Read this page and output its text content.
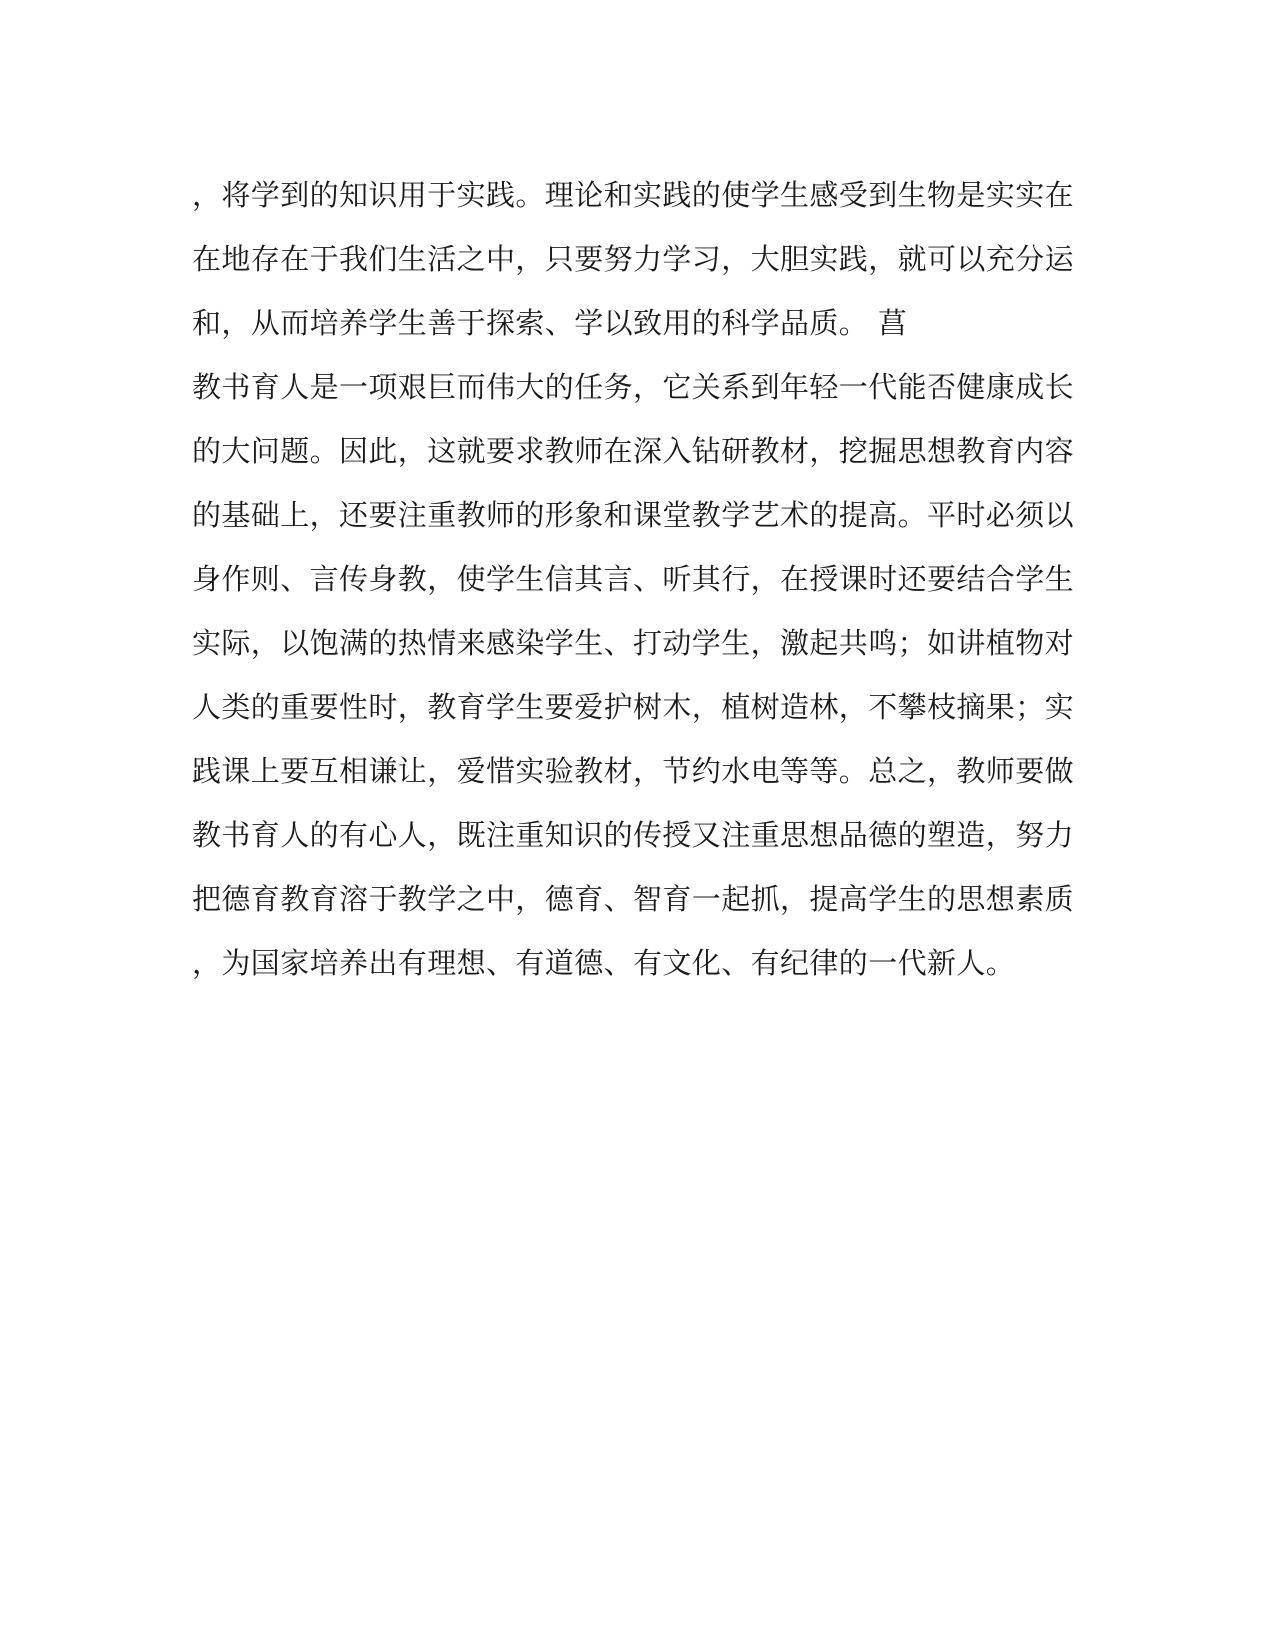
，将学到的知识用于实践。理论和实践的使学生感受到生物是实实在
在地存在于我们生活之中，只要努力学习，大胆实践，就可以充分运
和，从而培养学生善于探索、学以致用的科学品质。 菖
教书育人是一项艰巨而伟大的任务，它关系到年轻一代能否健康成长
的大问题。因此，这就要求教师在深入钻研教材，挖掘思想教育内容
的基础上，还要注重教师的形象和课堂教学艺术的提高。平时必须以
身作则、言传身教，使学生信其言、听其行，在授课时还要结合学生
实际，以饱满的热情来感染学生、打动学生，激起共鸣；如讲植物对
人类的重要性时，教育学生要爱护树木，植树造林，不攀枝摘果；实
践课上要互相谦让，爱惜实验教材，节约水电等等。总之，教师要做
教书育人的有心人，既注重知识的传授又注重思想品德的塑造，努力
把德育教育溶于教学之中，德育、智育一起抓，提高学生的思想素质
，为国家培养出有理想、有道德、有文化、有纪律的一代新人。
